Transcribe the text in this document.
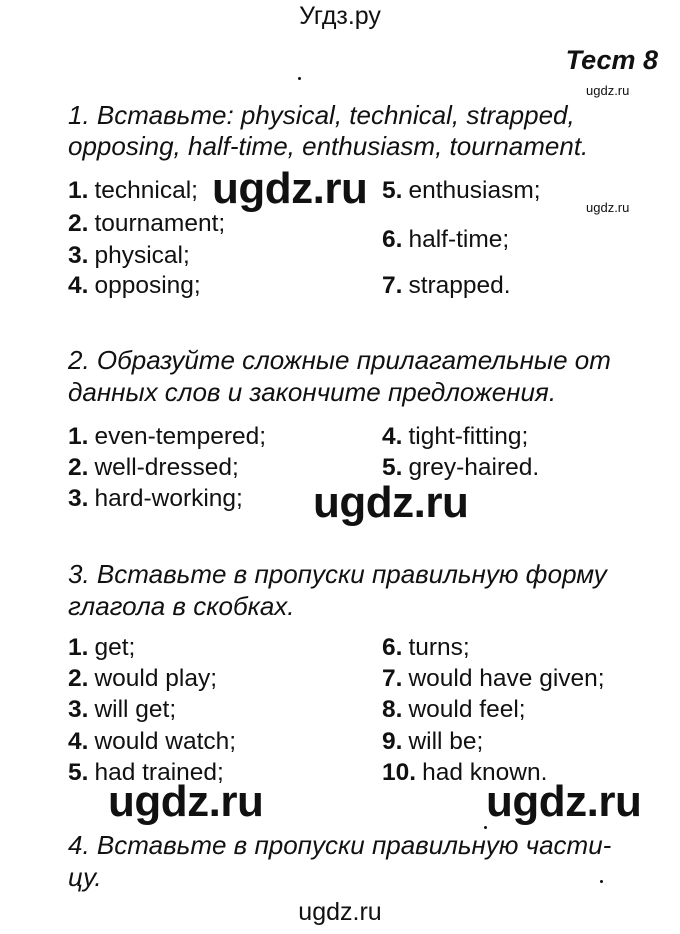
Угдз.ру
Тест 8
ugdz.ru
ugdz.ru
1. Вставьте: physical, technical, strapped,
opposing, half-time, enthusiasm, tournament.
1. technical;
2. tournament;
3. physical;
4. opposing;
5. enthusiasm;
6. half-time;
7. strapped.
ugdz.ru
2. Образуйте сложные прилагательные от
данных слов и закончите предложения.
1. even-tempered;
2. well-dressed;
3. hard-working;
4. tight-fitting;
5. grey-haired.
ugdz.ru
3. Вставьте в пропуски правильную форму
глагола в скобках.
1. get;
2. would play;
3. will get;
4. would watch;
5. had trained;
6. turns;
7. would have given;
8. would feel;
9. will be;
10. had known.
ugdz.ru	ugdz.ru
4. Вставьте в пропуски правильную части-
цу.
ugdz.ru
